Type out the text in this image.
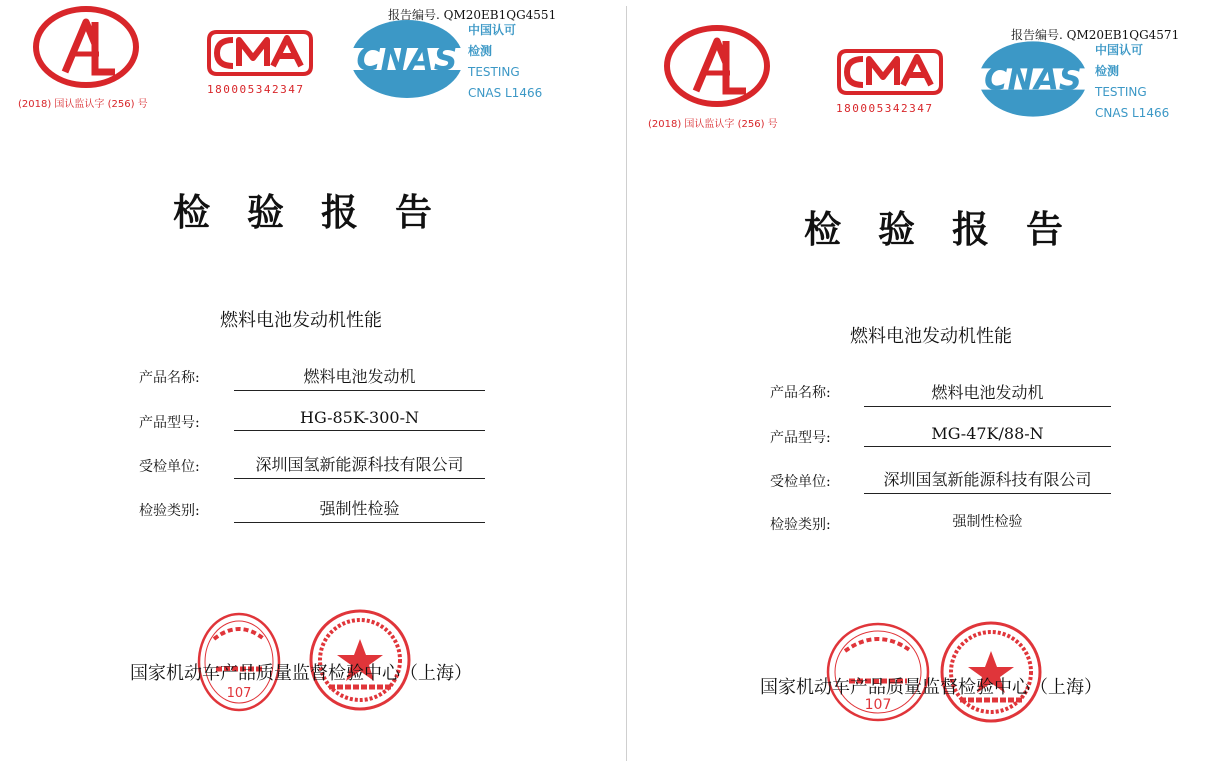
(2018) 国认监认字 (256) 号
180005342347
报告编号. QM20EB1QG4551
CNAS
中国认可
检测
TESTING
CNAS L1466
检 验 报 告
燃料电池发动机性能
产品名称:	燃料电池发动机
产品型号:	HG-85K-300-N
受检单位:	深圳国氢新能源科技有限公司
检验类别:	强制性检验
107
国家机动车产品质量监督检验中心（上海）
(2018) 国认监认字 (256) 号
180005342347
报告编号. QM20EB1QG4571
CNAS
中国认可
检测
TESTING
CNAS L1466
检 验 报 告
燃料电池发动机性能
产品名称:	燃料电池发动机
产品型号:	MG-47K/88-N
受检单位:	深圳国氢新能源科技有限公司
检验类别:	强制性检验
107
国家机动车产品质量监督检验中心（上海）
